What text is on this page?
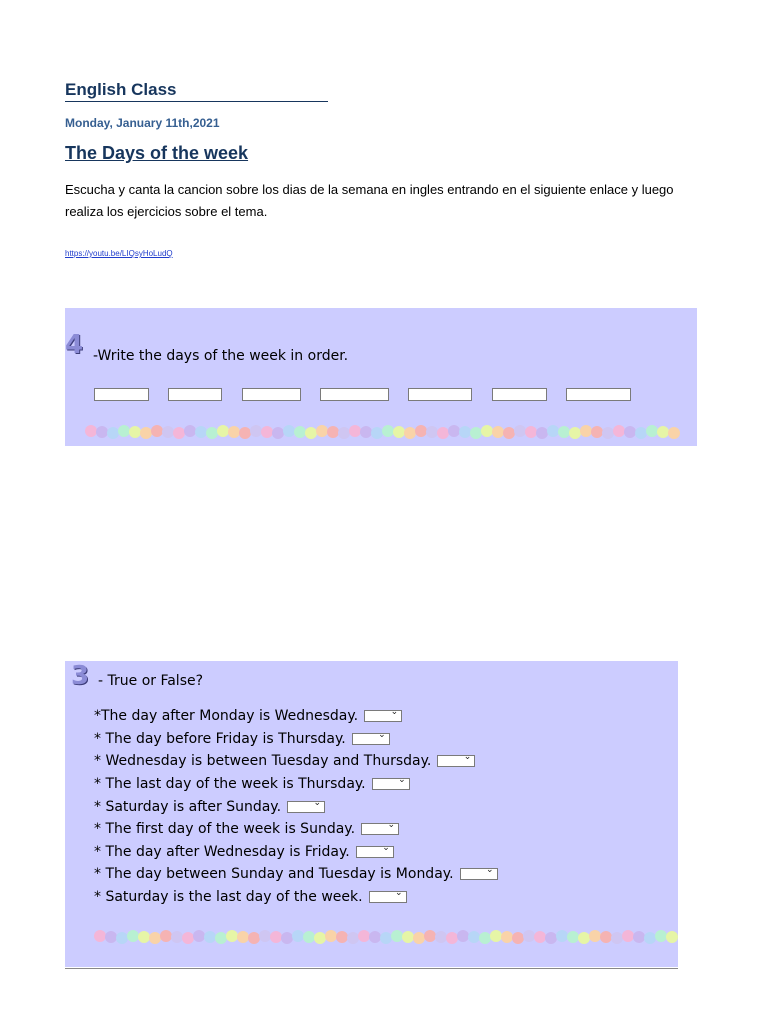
English Class
Monday, January 11th,2021
The Days of the week
Escucha y canta la cancion sobre los dias de la semana en ingles entrando en el siguiente enlace y luego realiza los ejercicios sobre el tema.
https://youtu.be/LIQsyHoLudQ
4 -Write the days of the week in order.
3 - True or False?
*The day after Monday is Wednesday.	⌄
* The day before Friday is Thursday.	⌄
* Wednesday is between Tuesday and Thursday.	⌄
* The last day of the week is Thursday.	⌄
* Saturday is after Sunday.	⌄
* The first day of the week is Sunday.	⌄
* The day after Wednesday is Friday.	⌄
* The day between Sunday and Tuesday is Monday.	⌄
* Saturday is the last day of the week.	⌄
